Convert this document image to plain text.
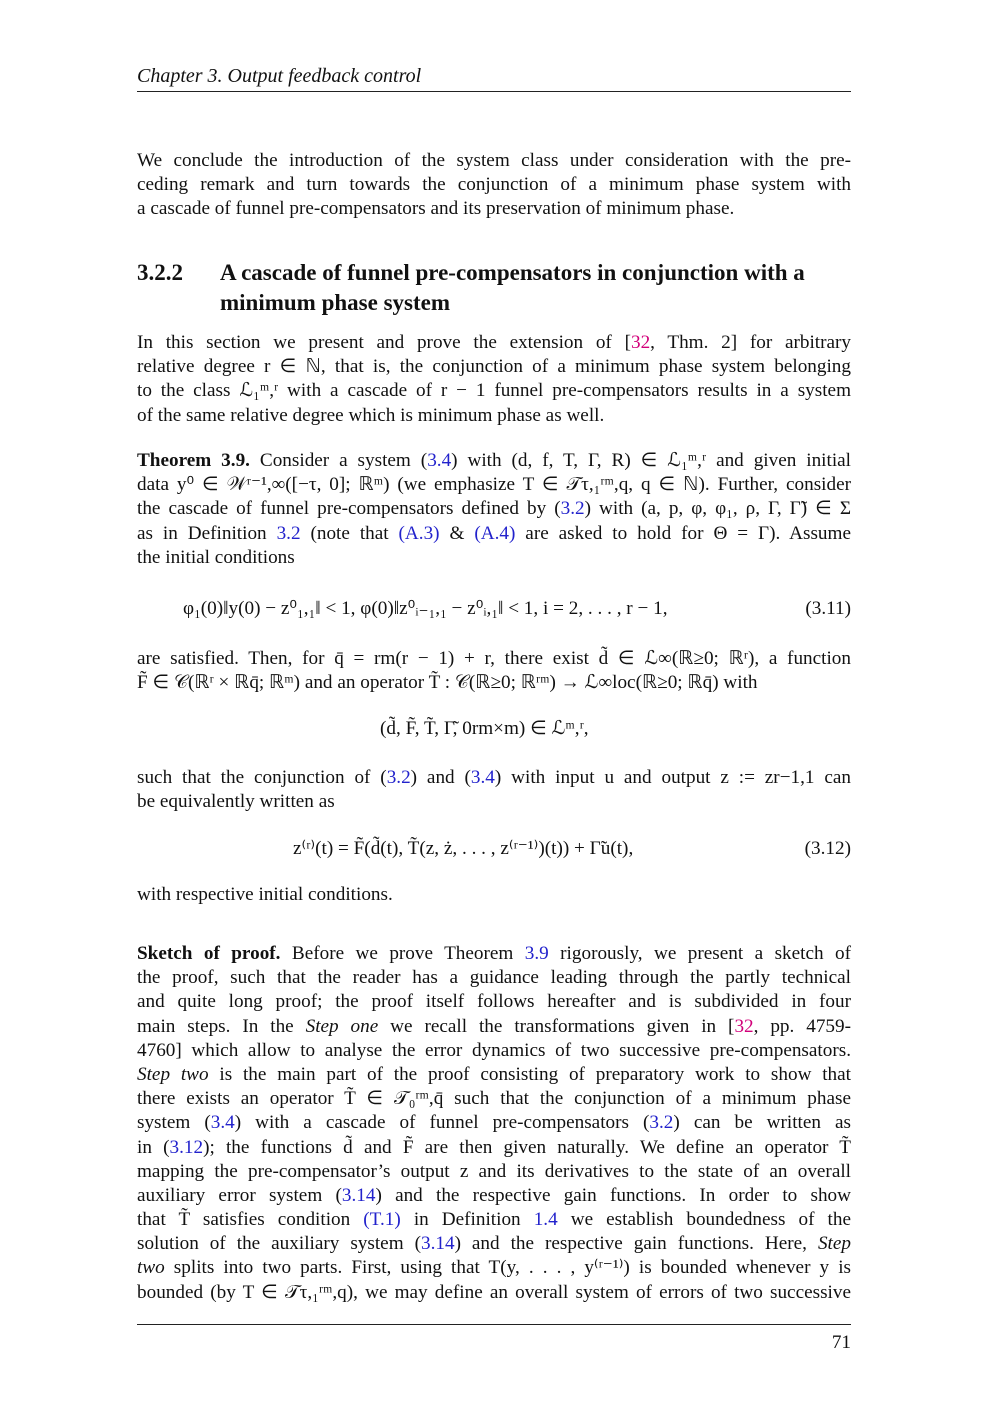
Chapter 3. Output feedback control
We conclude the introduction of the system class under consideration with the pre-
ceding remark and turn towards the conjunction of a minimum phase system with
a cascade of funnel pre-compensators and its preservation of minimum phase.
3.2.2 A cascade of funnel pre-compensators in conjunction with a minimum phase system
In this section we present and prove the extension of [32, Thm. 2] for arbitrary
relative degree r ∈ ℕ, that is, the conjunction of a minimum phase system belonging
to the class ℒ₁ᵐ,ʳ with a cascade of r − 1 funnel pre-compensators results in a system
of the same relative degree which is minimum phase as well.
Theorem 3.9. Consider a system (3.4) with (d, f, T, Γ, R) ∈ ℒ₁ᵐ,ʳ and given initial
data y⁰ ∈ 𝒲ʳ⁻¹,∞([−τ, 0]; ℝᵐ) (we emphasize T ∈ 𝒯τ,₁ʳᵐ,q, q ∈ ℕ). Further, consider
the cascade of funnel pre-compensators defined by (3.2) with (a, p, φ, φ₁, ρ, Γ, Γ̃) ∈ Σ
as in Definition 3.2 (note that (A.3) & (A.4) are asked to hold for Θ = Γ). Assume
the initial conditions
φ₁(0)‖y(0) − z⁰₁,₁‖ < 1, φ(0)‖z⁰ᵢ₋₁,₁ − z⁰ᵢ,₁‖ < 1, i = 2, . . . , r − 1,	(3.11)
are satisfied. Then, for q̄ = rm(r − 1) + r, there exist d̃ ∈ ℒ∞(ℝ≥0; ℝʳ), a function
F̃ ∈ 𝒞(ℝʳ × ℝq̄; ℝᵐ) and an operator T̃ : 𝒞(ℝ≥0; ℝʳᵐ) → ℒ∞loc(ℝ≥0; ℝq̄) with
(d̃, F̃, T̃, Γ̃, 0rm×m) ∈ ℒᵐ,ʳ,
such that the conjunction of (3.2) and (3.4) with input u and output z := zr−1,1 can
be equivalently written as
z⁽ʳ⁾(t) = F̃(d̃(t), T̃(z, ż, . . . , z⁽ʳ⁻¹⁾)(t)) + Γ̃u(t),	(3.12)
with respective initial conditions.
Sketch of proof. Before we prove Theorem 3.9 rigorously, we present a sketch of
the proof, such that the reader has a guidance leading through the partly technical
and quite long proof; the proof itself follows hereafter and is subdivided in four
main steps. In the Step one we recall the transformations given in [32, pp. 4759-
4760] which allow to analyse the error dynamics of two successive pre-compensators.
Step two is the main part of the proof consisting of preparatory work to show that
there exists an operator T̃ ∈ 𝒯₀ʳᵐ,q̄ such that the conjunction of a minimum phase
system (3.4) with a cascade of funnel pre-compensators (3.2) can be written as
in (3.12); the functions d̃ and F̃ are then given naturally. We define an operator T̃
mapping the pre-compensator’s output z and its derivatives to the state of an overall
auxiliary error system (3.14) and the respective gain functions. In order to show
that T̃ satisfies condition (T.1) in Definition 1.4 we establish boundedness of the
solution of the auxiliary system (3.14) and the respective gain functions. Here, Step
two splits into two parts. First, using that T(y, . . . , y⁽ʳ⁻¹⁾) is bounded whenever y is
bounded (by T ∈ 𝒯τ,₁ʳᵐ,q), we may define an overall system of errors of two successive
71
